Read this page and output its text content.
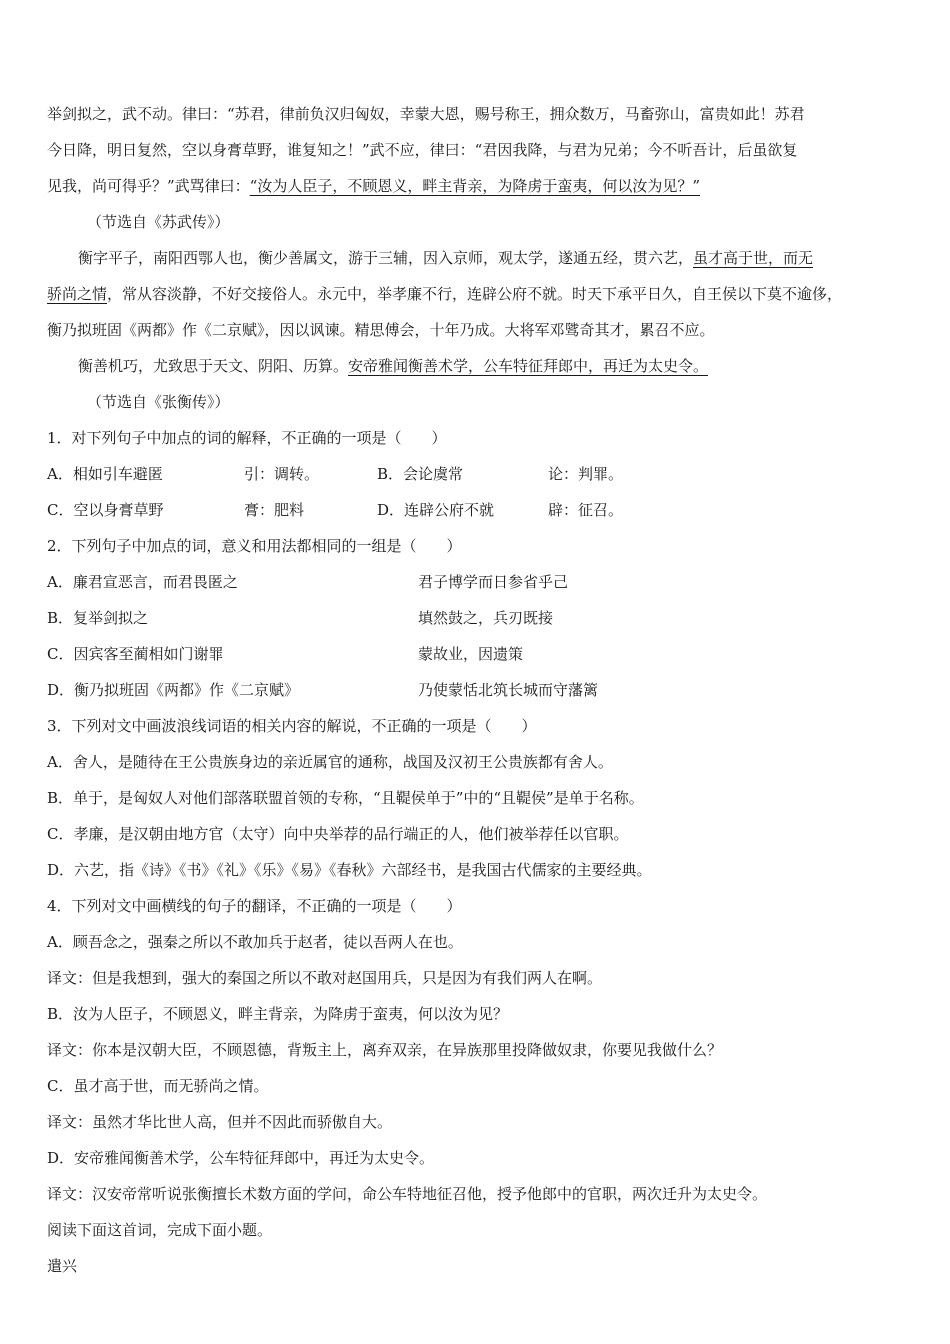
举剑拟之，武不动。律曰：“苏君，律前负汉归匈奴，幸蒙大恩，赐号称王，拥众数万，马畜弥山，富贵如此！苏君
今日降，明日复然，空以身膏草野，谁复知之！”武不应，律曰：“君因我降，与君为兄弟；今不听吾计，后虽欲复
见我，尚可得乎？”武骂律曰：“汝为人臣子，不顾恩义，畔主背亲，为降虏于蛮夷，何以汝为见？”
（节选自《苏武传》）
衡字平子，南阳西鄂人也，衡少善属文，游于三辅，因入京师，观太学，遂通五经，贯六艺，虽才高于世，而无
骄尚之情，常从容淡静，不好交接俗人。永元中，举孝廉不行，连辟公府不就。时天下承平日久，自王侯以下莫不逾侈，
衡乃拟班固《两都》作《二京赋》，因以讽谏。精思傅会，十年乃成。大将军邓骘奇其才，累召不应。
衡善机巧，尤致思于天文、阴阳、历算。安帝雅闻衡善术学，公车特征拜郎中，再迁为太史令。
（节选自《张衡传》）
1．对下列句子中加点的词的解释，不正确的一项是（　　）
A．相如引车避匿	引：调转。	B．会论虞常	论：判罪。
C．空以身膏草野	膏：肥料	D．连辟公府不就	辟：征召。
2．下列句子中加点的词，意义和用法都相同的一组是（　　）
A．廉君宣恶言，而君畏匿之	君子博学而日参省乎己
B．复举剑拟之	填然鼓之，兵刃既接
C．因宾客至蔺相如门谢罪	蒙故业，因遗策
D．衡乃拟班固《两都》作《二京赋》	乃使蒙恬北筑长城而守藩篱
3．下列对文中画波浪线词语的相关内容的解说，不正确的一项是（　　）
A．舍人，是随待在王公贵族身边的亲近属官的通称，战国及汉初王公贵族都有舍人。
B．单于，是匈奴人对他们部落联盟首领的专称，“且鞮侯单于”中的“且鞮侯”是单于名称。
C．孝廉，是汉朝由地方官（太守）向中央举荐的品行端正的人，他们被举荐任以官职。
D．六艺，指《诗》《书》《礼》《乐》《易》《春秋》六部经书，是我国古代儒家的主要经典。
4．下列对文中画横线的句子的翻译，不正确的一项是（　　）
A．顾吾念之，强秦之所以不敢加兵于赵者，徒以吾两人在也。
译文：但是我想到，强大的秦国之所以不敢对赵国用兵，只是因为有我们两人在啊。
B．汝为人臣子，不顾恩义，畔主背亲，为降虏于蛮夷，何以汝为见？
译文：你本是汉朝大臣，不顾恩德，背叛主上，离弃双亲，在异族那里投降做奴隶，你要见我做什么？
C．虽才高于世，而无骄尚之情。
译文：虽然才华比世人高，但并不因此而骄傲自大。
D．安帝雅闻衡善术学，公车特征拜郎中，再迁为太史令。
译文：汉安帝常听说张衡擅长术数方面的学问，命公车特地征召他，授予他郎中的官职，两次迁升为太史令。
阅读下面这首词，完成下面小题。
遣兴
